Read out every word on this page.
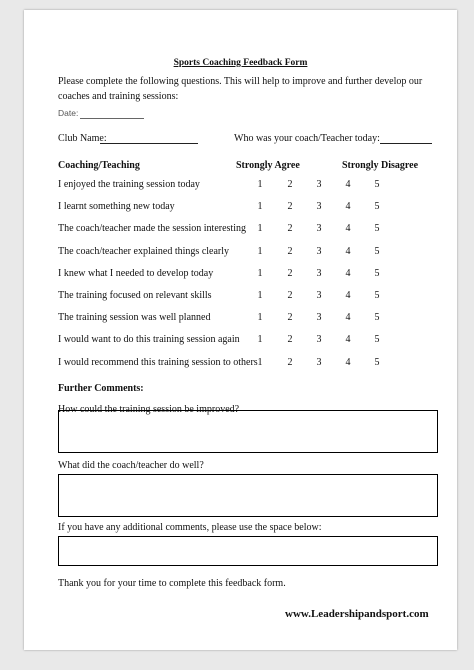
Sports Coaching Feedback Form
Please complete the following questions. This will help to improve and further develop our
coaches and training sessions:
Date:
Club Name:	Who was your coach/Teacher today:
Coaching/Teaching	Strongly Agree	Strongly Disagree
I enjoyed the training session today	1	2	3	4	5
I learnt something new today	1	2	3	4	5
The coach/teacher made the session interesting	1	2	3	4	5
The coach/teacher explained things clearly	1	2	3	4	5
I knew what I needed to develop today	1	2	3	4	5
The training focused on relevant skills	1	2	3	4	5
The training session was well planned	1	2	3	4	5
I would want to do this training session again	1	2	3	4	5
I would recommend this training session to others 1	2	3	4	5
Further Comments:
How could the training session be improved?
What did the coach/teacher do well?
If you have any additional comments, please use the space below:
Thank you for your time to complete this feedback form.
www.Leadershipandsport.com
